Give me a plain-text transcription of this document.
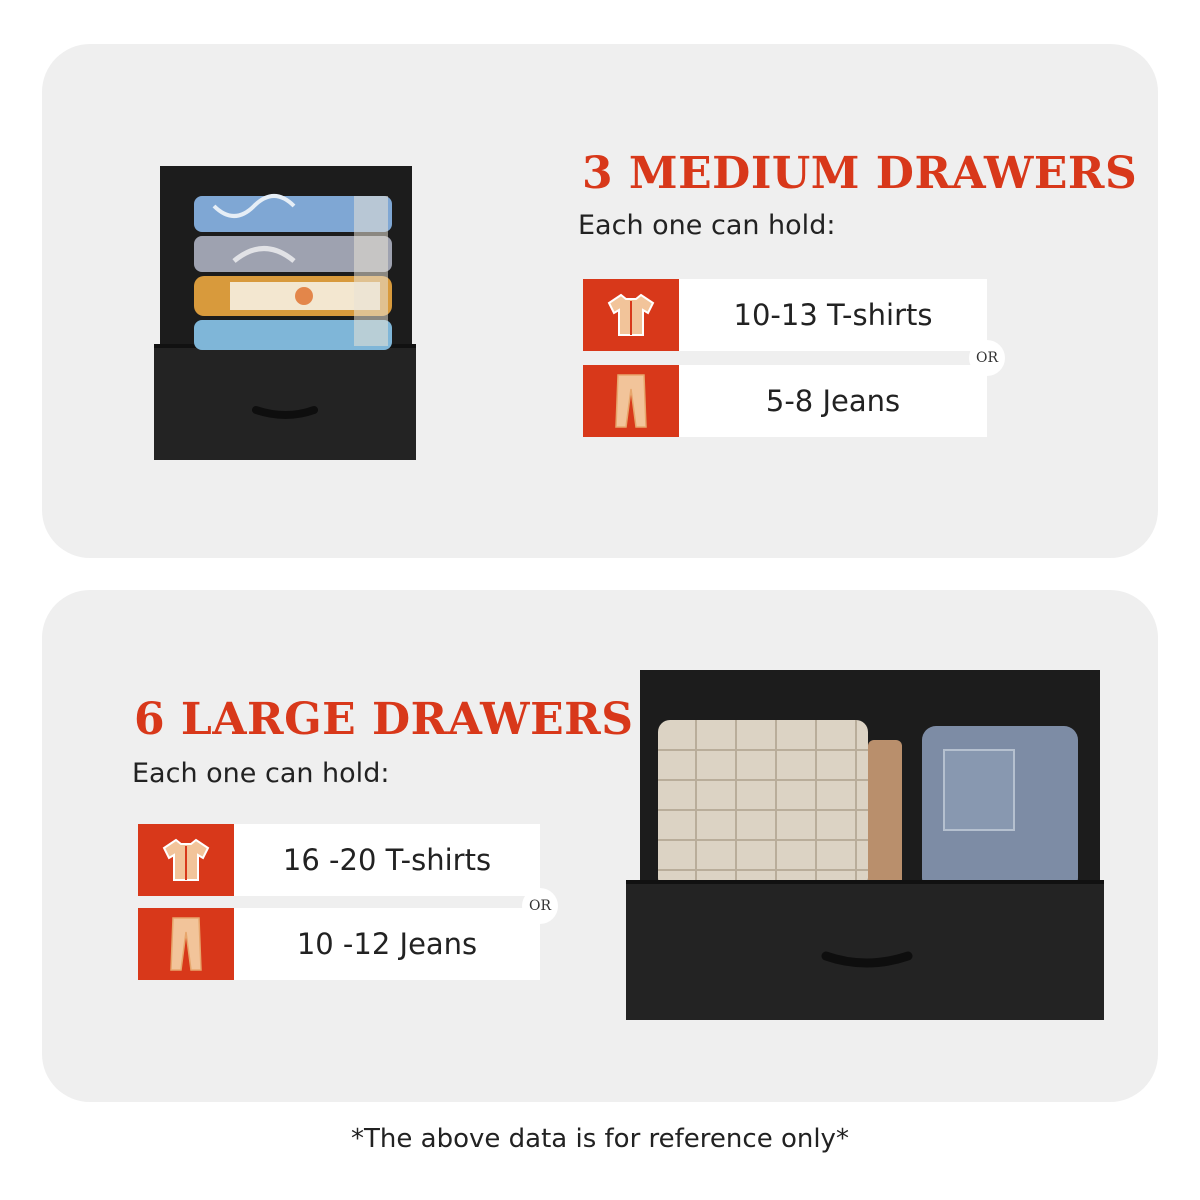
3 MEDIUM DRAWERS

Each one can hold:

10-13 T-shirts
5-8 Jeans
OR
6 LARGE DRAWERS

Each one can hold:

16 -20 T-shirts
10 -12 Jeans
OR

*The above data is for reference only*
